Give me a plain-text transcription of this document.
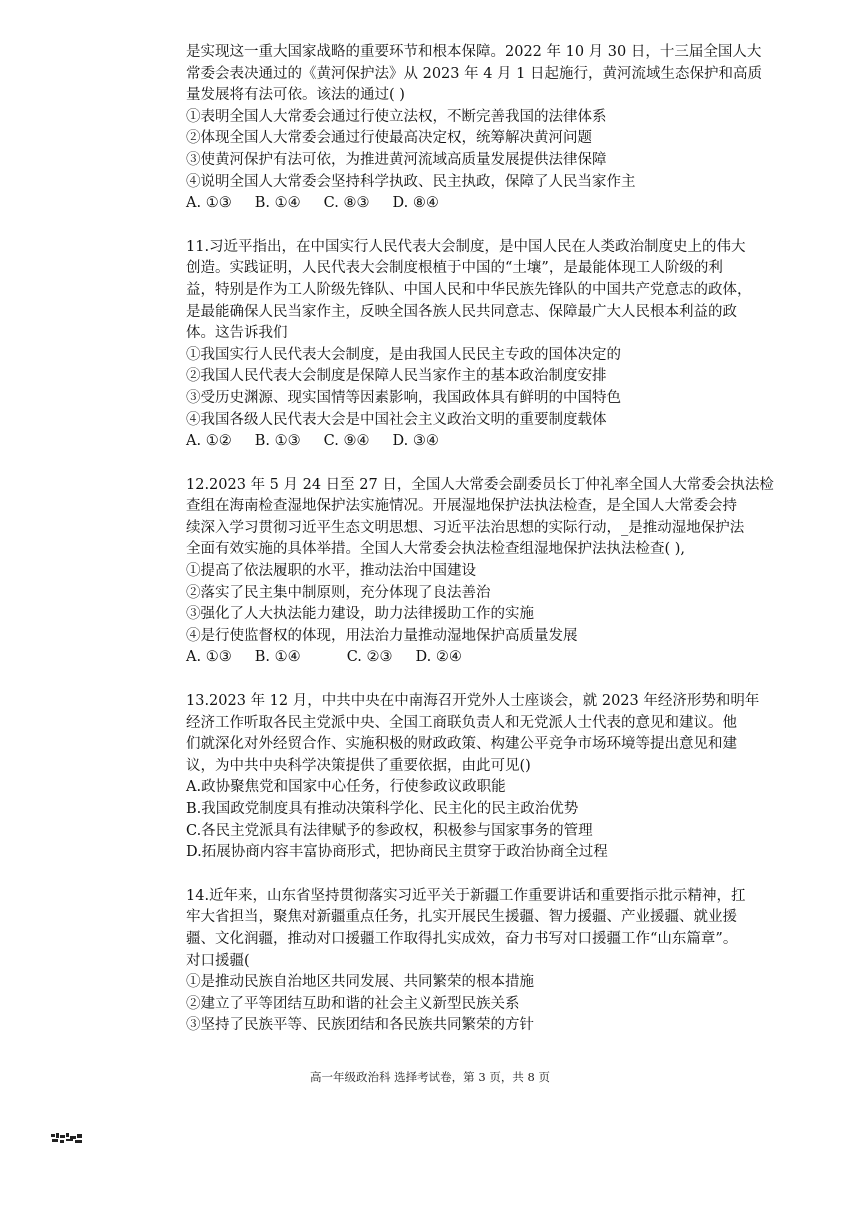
是实现这一重大国家战略的重要环节和根本保障。2022 年 10 月 30 日，十三届全国人大

常委会表决通过的《黄河保护法》从 2023 年 4 月 1 日起施行，黄河流域生态保护和高质

量发展将有法可依。该法的通过( )

①表明全国人大常委会通过行使立法权，不断完善我国的法律体系

②体现全国人大常委会通过行使最高决定权，统筹解决黄河问题

③使黄河保护有法可依，为推进黄河流域高质量发展提供法律保障

④说明全国人大常委会坚持科学执政、民主执政，保障了人民当家作主

A. ①③     B. ①④     C. ⑧③     D. ⑧④

11.习近平指出，在中国实行人民代表大会制度，是中国人民在人类政治制度史上的伟大

创造。实践证明，人民代表大会制度根植于中国的“土壤”，是最能体现工人阶级的利

益，特别是作为工人阶级先锋队、中国人民和中华民族先锋队的中国共产党意志的政体，

是最能确保人民当家作主，反映全国各族人民共同意志、保障最广大人民根本利益的政

体。这告诉我们

①我国实行人民代表大会制度，是由我国人民民主专政的国体决定的

②我国人民代表大会制度是保障人民当家作主的基本政治制度安排

③受历史渊源、现实国情等因素影响，我国政体具有鲜明的中国特色

④我国各级人民代表大会是中国社会主义政治文明的重要制度载体

A. ①②     B. ①③     C. ⑨④     D. ③④

12.2023 年 5 月 24 日至 27 日，全国人大常委会副委员长丁仲礼率全国人大常委会执法检

查组在海南检查湿地保护法实施情况。开展湿地保护法执法检查，是全国人大常委会持

续深入学习贯彻习近平生态文明思想、习近平法治思想的实际行动，_是推动湿地保护法

全面有效实施的具体举措。全国人大常委会执法检查组湿地保护法执法检查( ),

①提高了依法履职的水平，推动法治中国建设

②落实了民主集中制原则，充分体现了良法善治

③强化了人大执法能力建设，助力法律援助工作的实施

④是行使监督权的体现，用法治力量推动湿地保护高质量发展

A. ①③     B. ①④          C. ②③     D. ②④

13.2023 年 12 月，中共中央在中南海召开党外人士座谈会，就 2023 年经济形势和明年

经济工作听取各民主党派中央、全国工商联负责人和无党派人士代表的意见和建议。他

们就深化对外经贸合作、实施积极的财政政策、构建公平竞争市场环境等提出意见和建

议，为中共中央科学决策提供了重要依据，由此可见()

A.政协聚焦党和国家中心任务，行使参政议政职能

B.我国政党制度具有推动决策科学化、民主化的民主政治优势

C.各民主党派具有法律赋予的参政权，积极参与国家事务的管理

D.拓展协商内容丰富协商形式，把协商民主贯穿于政治协商全过程

14.近年来，山东省坚持贯彻落实习近平关于新疆工作重要讲话和重要指示批示精神，扛

牢大省担当，聚焦对新疆重点任务，扎实开展民生援疆、智力援疆、产业援疆、就业援

疆、文化润疆，推动对口援疆工作取得扎实成效，奋力书写对口援疆工作“山东篇章”。

对口援疆(

①是推动民族自治地区共同发展、共同繁荣的根本措施

②建立了平等团结互助和谐的社会主义新型民族关系

③坚持了民族平等、民族团结和各民族共同繁荣的方针

高一年级政治科 选择考试卷，第 3 页，共 8 页
